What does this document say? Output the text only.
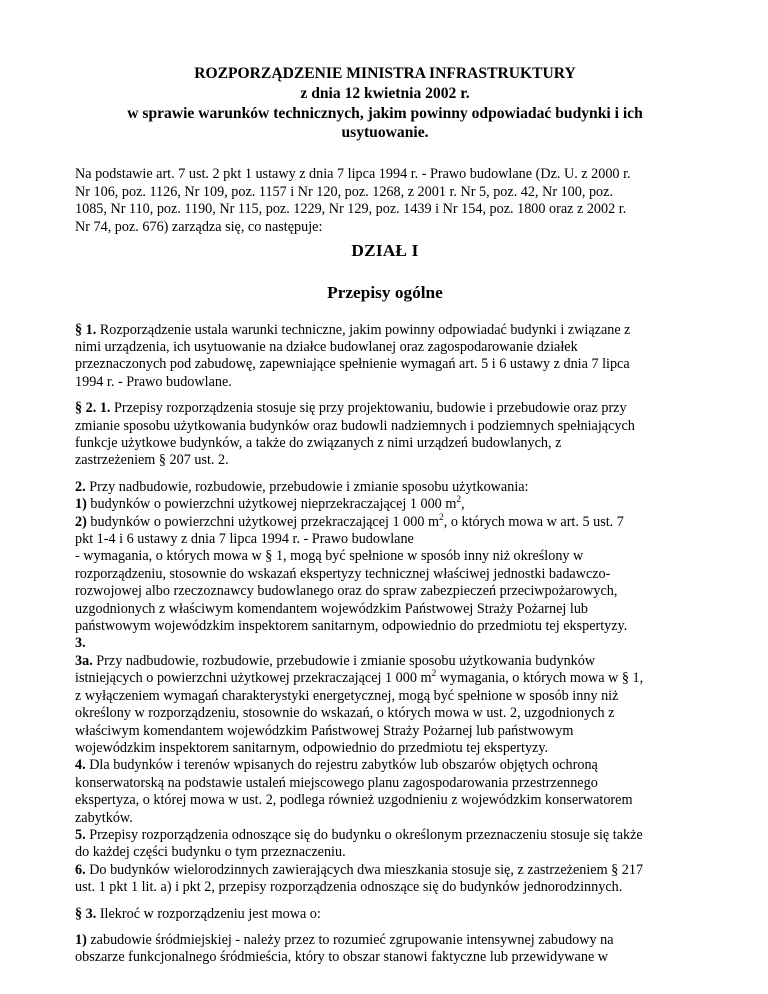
ROZPORZĄDZENIE MINISTRA INFRASTRUKTURY
z dnia 12 kwietnia 2002 r.
w sprawie warunków technicznych, jakim powinny odpowiadać budynki i ich
usytuowanie.
Na podstawie art. 7 ust. 2 pkt 1 ustawy z dnia 7 lipca 1994 r. - Prawo budowlane (Dz. U. z 2000 r.
Nr 106, poz. 1126, Nr 109, poz. 1157 i Nr 120, poz. 1268, z 2001 r. Nr 5, poz. 42, Nr 100, poz.
1085, Nr 110, poz. 1190, Nr 115, poz. 1229, Nr 129, poz. 1439 i Nr 154, poz. 1800 oraz z 2002 r.
Nr 74, poz. 676) zarządza się, co następuje:
DZIAŁ I
Przepisy ogólne
§ 1. Rozporządzenie ustala warunki techniczne, jakim powinny odpowiadać budynki i związane z
nimi urządzenia, ich usytuowanie na działce budowlanej oraz zagospodarowanie działek
przeznaczonych pod zabudowę, zapewniające spełnienie wymagań art. 5 i 6 ustawy z dnia 7 lipca
1994 r. - Prawo budowlane.
§ 2. 1. Przepisy rozporządzenia stosuje się przy projektowaniu, budowie i przebudowie oraz przy
zmianie sposobu użytkowania budynków oraz budowli nadziemnych i podziemnych spełniających
funkcje użytkowe budynków, a także do związanych z nimi urządzeń budowlanych, z
zastrzeżeniem § 207 ust. 2.
2. Przy nadbudowie, rozbudowie, przebudowie i zmianie sposobu użytkowania:
1) budynków o powierzchni użytkowej nieprzekraczającej 1 000 $m^2$,
2) budynków o powierzchni użytkowej przekraczającej 1 000 $m^2$, o których mowa w art. 5 ust. 7
pkt 1-4 i 6 ustawy z dnia 7 lipca 1994 r. - Prawo budowlane
- wymagania, o których mowa w § 1, mogą być spełnione w sposób inny niż określony w
rozporządzeniu, stosownie do wskazań ekspertyzy technicznej właściwej jednostki badawczo-
rozwojowej albo rzeczoznawcy budowlanego oraz do spraw zabezpieczeń przeciwpożarowych,
uzgodnionych z właściwym komendantem wojewódzkim Państwowej Straży Pożarnej lub
państwowym wojewódzkim inspektorem sanitarnym, odpowiednio do przedmiotu tej ekspertyzy.
3.
3a. Przy nadbudowie, rozbudowie, przebudowie i zmianie sposobu użytkowania budynków
istniejących o powierzchni użytkowej przekraczającej 1 000 $m^2$ wymagania, o których mowa w § 1,
z wyłączeniem wymagań charakterystyki energetycznej, mogą być spełnione w sposób inny niż
określony w rozporządzeniu, stosownie do wskazań, o których mowa w ust. 2, uzgodnionych z
właściwym komendantem wojewódzkim Państwowej Straży Pożarnej lub państwowym
wojewódzkim inspektorem sanitarnym, odpowiednio do przedmiotu tej ekspertyzy.
4. Dla budynków i terenów wpisanych do rejestru zabytków lub obszarów objętych ochroną
konserwatorską na podstawie ustaleń miejscowego planu zagospodarowania przestrzennego
ekspertyza, o której mowa w ust. 2, podlega również uzgodnieniu z wojewódzkim konserwatorem
zabytków.
5. Przepisy rozporządzenia odnoszące się do budynku o określonym przeznaczeniu stosuje się także
do każdej części budynku o tym przeznaczeniu.
6. Do budynków wielorodzinnych zawierających dwa mieszkania stosuje się, z zastrzeżeniem § 217
ust. 1 pkt 1 lit. a) i pkt 2, przepisy rozporządzenia odnoszące się do budynków jednorodzinnych.
§ 3. Ilekroć w rozporządzeniu jest mowa o:
1) zabudowie śródmiejskiej - należy przez to rozumieć zgrupowanie intensywnej zabudowy na
obszarze funkcjonalnego śródmieścia, który to obszar stanowi faktyczne lub przewidywane w
